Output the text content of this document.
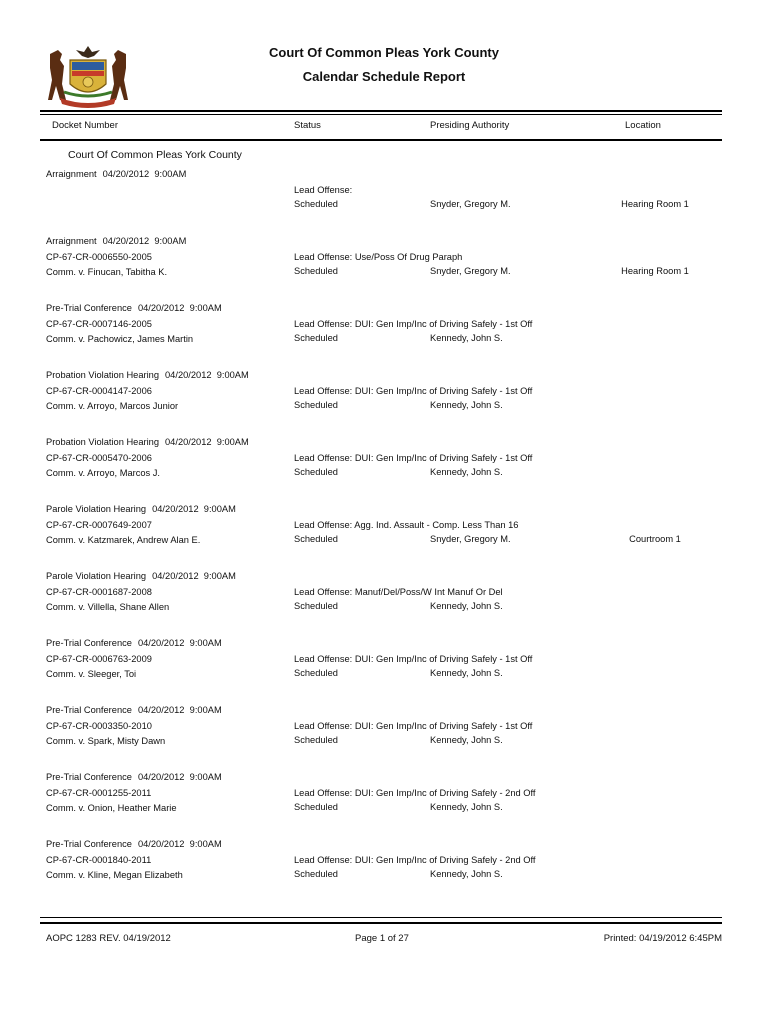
Court Of Common Pleas York County
Calendar Schedule Report
Docket Number	Status	Presiding Authority	Location
Court Of Common Pleas York County
Arraignment 04/20/2012  9:00AM
Lead Offense:
Scheduled	Snyder, Gregory M.	Hearing Room 1
Arraignment 04/20/2012  9:00AM
CP-67-CR-0006550-2005
Comm. v. Finucan, Tabitha K.
Lead Offense: Use/Poss Of Drug Paraph
Scheduled	Snyder, Gregory M.	Hearing Room 1
Pre-Trial Conference 04/20/2012  9:00AM
CP-67-CR-0007146-2005
Comm. v. Pachowicz, James Martin
Lead Offense: DUI: Gen Imp/Inc of Driving Safely - 1st Off
Scheduled	Kennedy, John S.
Probation Violation Hearing 04/20/2012  9:00AM
CP-67-CR-0004147-2006
Comm. v. Arroyo, Marcos Junior
Lead Offense: DUI: Gen Imp/Inc of Driving Safely - 1st Off
Scheduled	Kennedy, John S.
Probation Violation Hearing 04/20/2012  9:00AM
CP-67-CR-0005470-2006
Comm. v. Arroyo, Marcos J.
Lead Offense: DUI: Gen Imp/Inc of Driving Safely - 1st Off
Scheduled	Kennedy, John S.
Parole Violation Hearing 04/20/2012  9:00AM
CP-67-CR-0007649-2007
Comm. v. Katzmarek, Andrew Alan E.
Lead Offense: Agg. Ind. Assault - Comp. Less Than 16
Scheduled	Snyder, Gregory M.	Courtroom 1
Parole Violation Hearing 04/20/2012  9:00AM
CP-67-CR-0001687-2008
Comm. v. Villella, Shane Allen
Lead Offense: Manuf/Del/Poss/W Int Manuf Or Del
Scheduled	Kennedy, John S.
Pre-Trial Conference 04/20/2012  9:00AM
CP-67-CR-0006763-2009
Comm. v. Sleeger, Toi
Lead Offense: DUI: Gen Imp/Inc of Driving Safely - 1st Off
Scheduled	Kennedy, John S.
Pre-Trial Conference 04/20/2012  9:00AM
CP-67-CR-0003350-2010
Comm. v. Spark, Misty Dawn
Lead Offense: DUI: Gen Imp/Inc of Driving Safely - 1st Off
Scheduled	Kennedy, John S.
Pre-Trial Conference 04/20/2012  9:00AM
CP-67-CR-0001255-2011
Comm. v. Onion, Heather Marie
Lead Offense: DUI: Gen Imp/Inc of Driving Safely - 2nd Off
Scheduled	Kennedy, John S.
Pre-Trial Conference 04/20/2012  9:00AM
CP-67-CR-0001840-2011
Comm. v. Kline, Megan Elizabeth
Lead Offense: DUI: Gen Imp/Inc of Driving Safely - 2nd Off
Scheduled	Kennedy, John S.
AOPC 1283 REV. 04/19/2012	Page 1 of 27	Printed: 04/19/2012 6:45PM
